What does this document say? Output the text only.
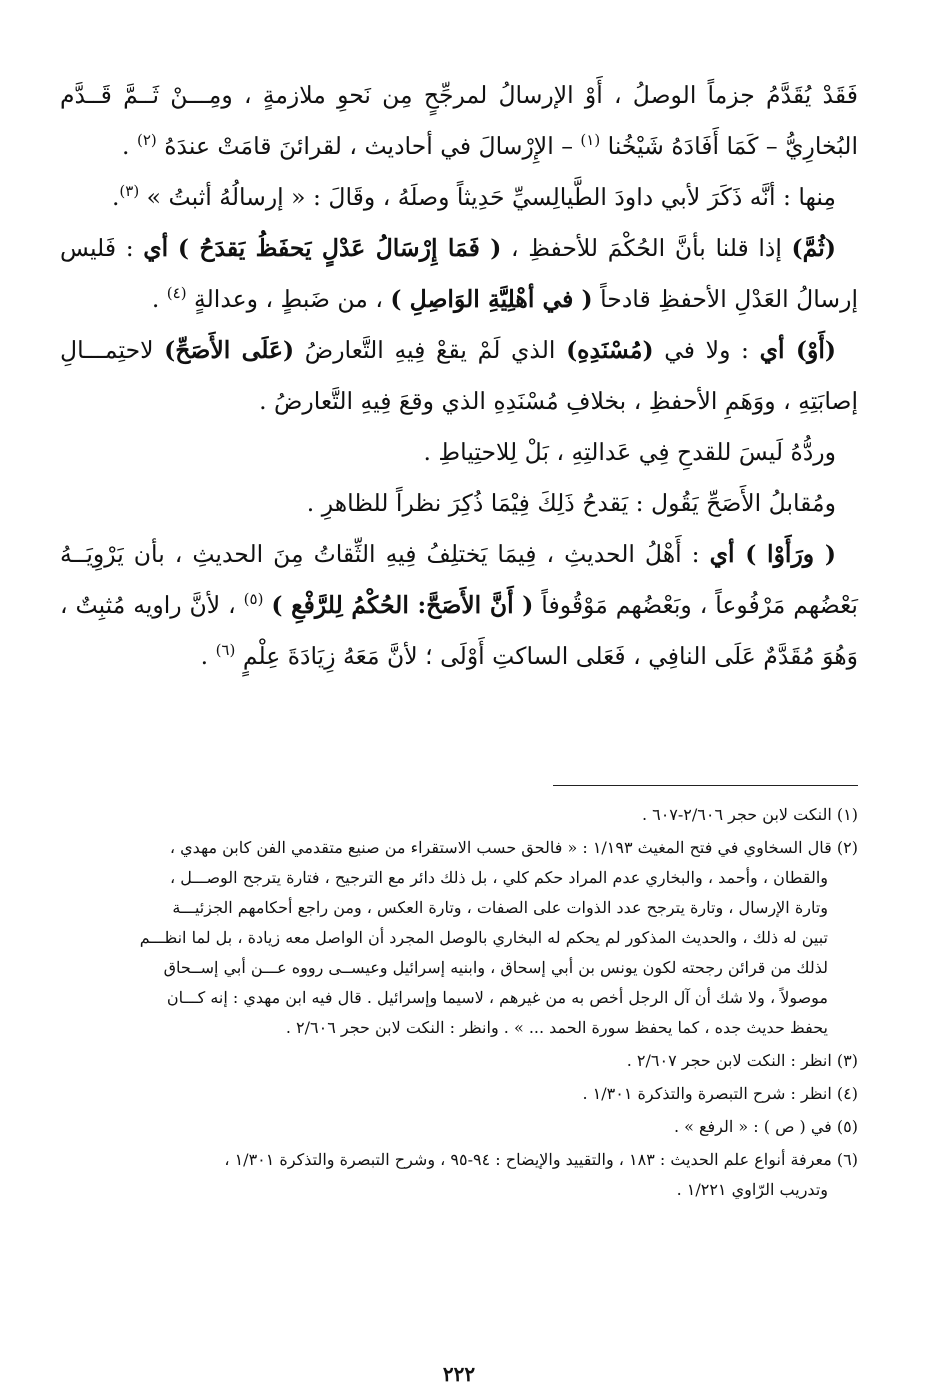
فَقَدْ يُقَدَّمُ جزماً الوصلُ ، أَوْ الإرسالُ لمرجِّحٍ مِن نَحوِ ملازمةٍ ، ومِـــنْ ثَــمَّ قَــدَّم البُخارِيُّ – كَمَا أَفَادَهُ شَيْخُنا $^{(١)}$ – الإِرْسالَ في أحاديث ، لقرائنَ قامَتْ عندَهُ $^{(٢)}$ .

مِنها : أنَّه ذَكَرَ لأبي داودَ الطَّيالِسيِّ حَدِيثاً وصلَهُ ، وقَالَ : « إرسالُهُ أثبتُ » $^{(٣)}$.

(ثُمَّ) إذا قلنا بأنَّ الحُكْمَ للأحفظِ ، ( فَمَا إِرْسَالُ عَدْلٍ يَحفَظُ يَقدَحُ ) أي : فَليس إرسالُ العَدْلِ الأحفظِ قادحاً ( في أهْلِيَّةِ الوَاصِلِ ) ، من ضَبطٍ ، وعدالةٍ $^{(٤)}$ .

(أَوْ) أي : ولا في (مُسْنَدِهِ) الذي لَمْ يقعْ فِيهِ التَّعارضُ (عَلَى الأَصَحِّ) لاحتِمـــالِ إصابَتِهِ ، ووَهَمِ الأحفظِ ، بخلافِ مُسْنَدِهِ الذي وقعَ فِيهِ التَّعارضُ .

وردُّهُ لَيسَ للقدحِ فِي عَدالتِهِ ، بَلْ لِلاحتِياطِ .

ومُقابلُ الأَصَحِّ يَقُول : يَقدحُ ذَلِكَ فِيْمَا ذُكِرَ نظراً للظاهرِ .

( ورَأَوْا ) أي : أَهْلُ الحديثِ ، فِيمَا يَختلِفُ فِيهِ الثِّقاتُ مِنَ الحديثِ ، بأن يَرْوِيَــهُ بَعْضُهم مَرْفُوعاً ، وبَعْضُهم مَوْقُوفاً ( أَنَّ الأَصَحَّ: الحُكْمُ لِلرَّفْعِ ) $^{(٥)}$ ، لأنَّ راويه مُثبِتٌ ، وَهُوَ مُقَدَّمٌ عَلَى النافِي ، فَعَلى الساكتِ أَوْلَى ؛ لأنَّ مَعَهُ زِيَادَةَ عِلْمٍ $^{(٦)}$ .

(١) النكت لابن حجر ٢/٦٠٦-٦٠٧ .

(٢) قال السخاوي في فتح المغيث ١/١٩٣ : « فالحق حسب الاستقراء من صنيع متقدمي الفن كابن مهدي ،
والقطان ، وأحمد ، والبخاري عدم المراد حكم كلي ، بل ذلك دائر مع الترجيح ، فتارة يترجح الوصـــل ،
وتارة الإرسال ، وتارة يترجح عدد الذوات على الصفات ، وتارة العكس ، ومن راجع أحكامهم الجزئيـــة
تبين له ذلك ، والحديث المذكور لم يحكم له البخاري بالوصل المجرد أن الواصل معه زيادة ، بل لما انظـــم
لذلك من قرائن رجحته لكون يونس بن أبي إسحاق ، وابنيه إسرائيل وعيســى رووه عـــن أبي إســحاق
موصولاً ، ولا شك أن آل الرجل أخص به من غيرهم ، لاسيما وإسرائيل . قال فيه ابن مهدي : إنه كـــان
يحفظ حديث جده ، كما يحفظ سورة الحمد ... » . وانظر : النكت لابن حجر ٢/٦٠٦ .

(٣) انظر : النكت لابن حجر ٢/٦٠٧ .

(٤) انظر : شرح التبصرة والتذكرة ١/٣٠١ .

(٥) في ( ص ) : « الرفع » .

(٦) معرفة أنواع علم الحديث : ١٨٣ ، والتقييد والإيضاح : ٩٤-٩٥ ، وشرح التبصرة والتذكرة ١/٣٠١ ،
وتدريب الرّاوي ١/٢٢١ .
٢٢٢
